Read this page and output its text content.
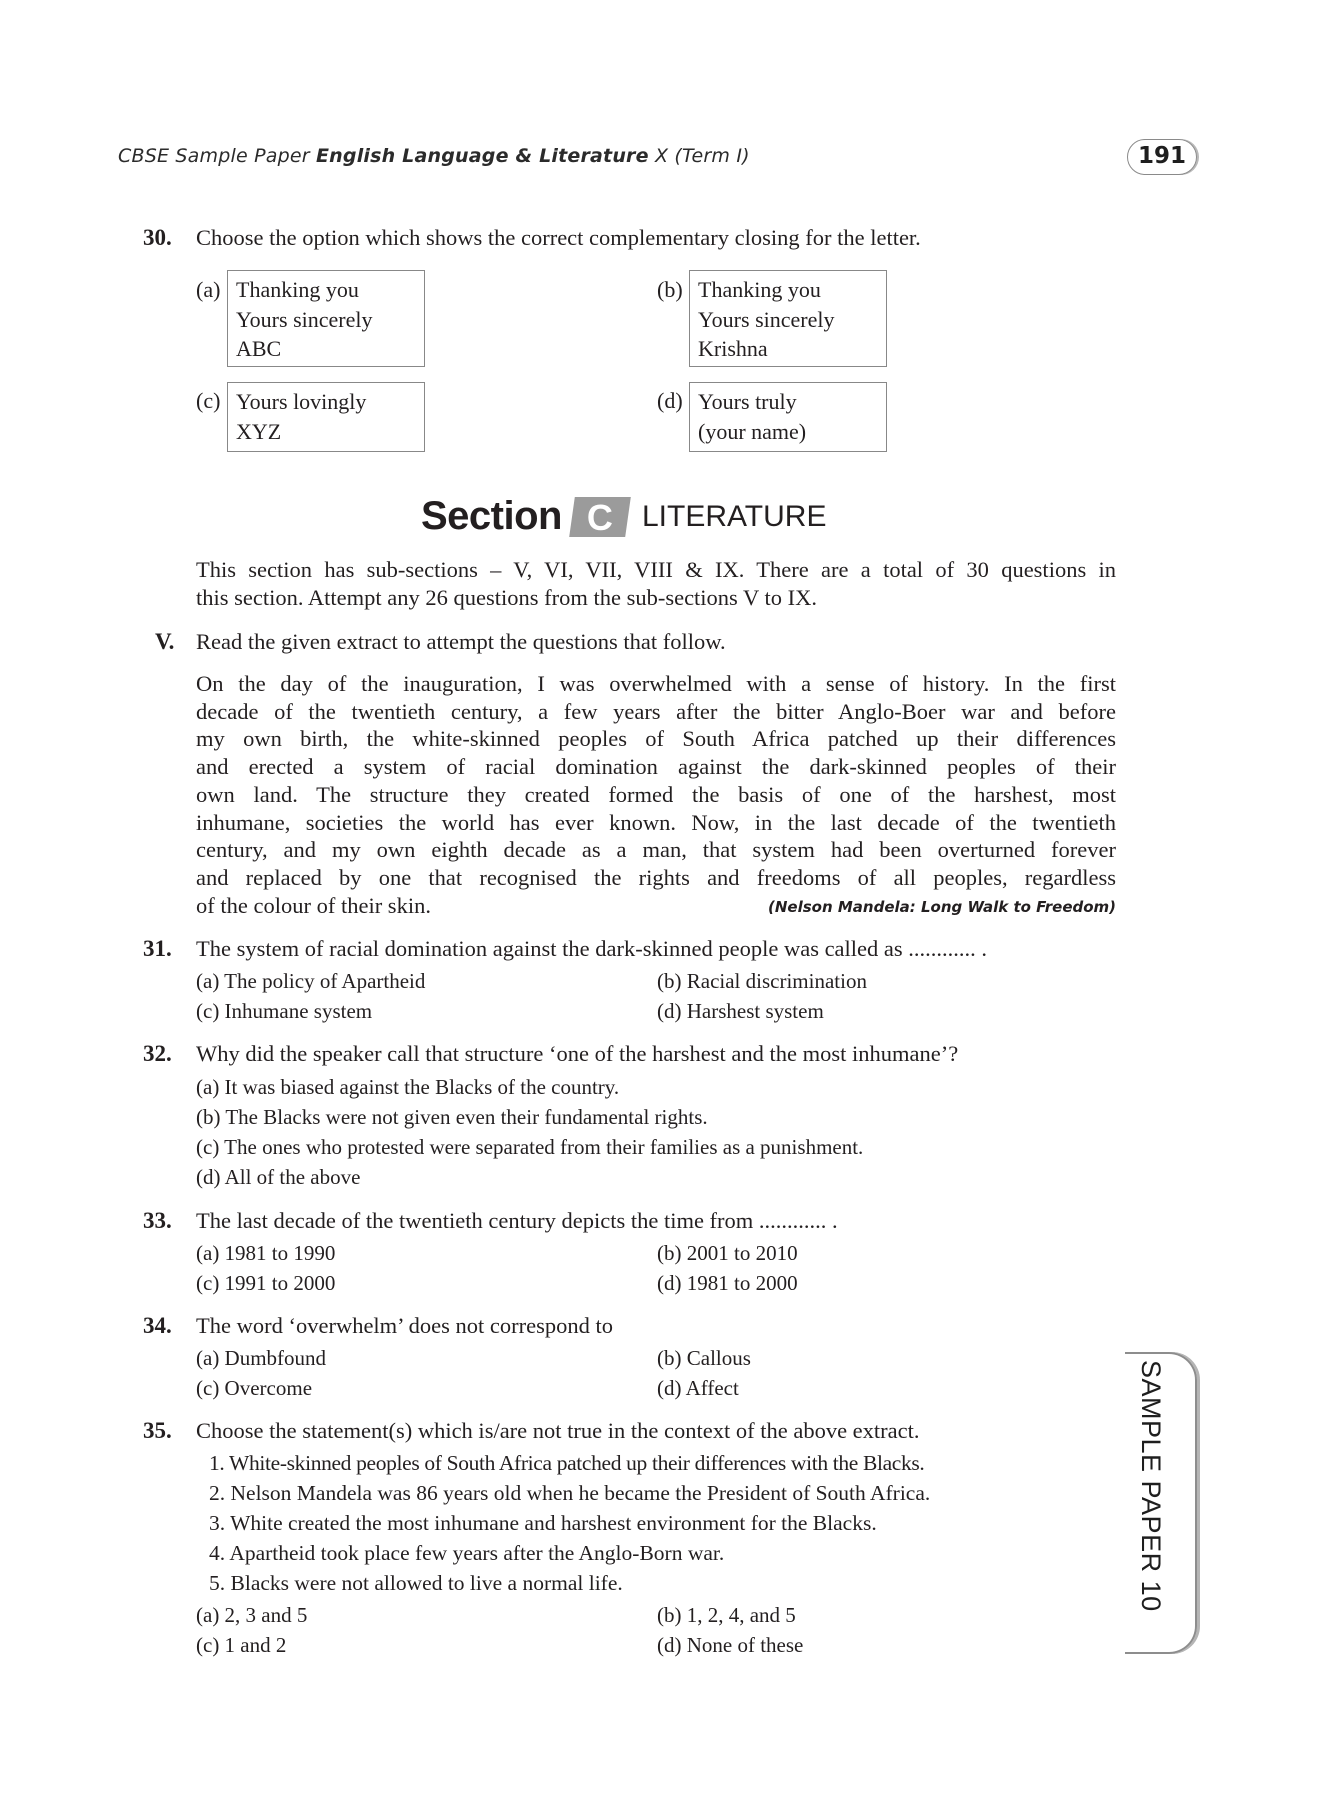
CBSE Sample Paper English Language & Literature X (Term I)	191
30. Choose the option which shows the correct complementary closing for the letter.
(a) Thanking you
Yours sincerely
ABC
(b) Thanking you
Yours sincerely
Krishna
(c) Yours lovingly
XYZ
(d) Yours truly
(your name)
Section C LITERATURE
This section has sub-sections – V, VI, VII, VIII & IX. There are a total of 30 questions in
this section. Attempt any 26 questions from the sub-sections V to IX.
V. Read the given extract to attempt the questions that follow.
On the day of the inauguration, I was overwhelmed with a sense of history. In the first
decade of the twentieth century, a few years after the bitter Anglo-Boer war and before
my own birth, the white-skinned peoples of South Africa patched up their differences
and erected a system of racial domination against the dark-skinned peoples of their
own land. The structure they created formed the basis of one of the harshest, most
inhumane, societies the world has ever known. Now, in the last decade of the twentieth
century, and my own eighth decade as a man, that system had been overturned forever
and replaced by one that recognised the rights and freedoms of all peoples, regardless
of the colour of their skin.	(Nelson Mandela: Long Walk to Freedom)
31. The system of racial domination against the dark-skinned people was called as ............ .
(a) The policy of Apartheid	(b) Racial discrimination
(c) Inhumane system	(d) Harshest system
32. Why did the speaker call that structure ‘one of the harshest and the most inhumane’?
(a) It was biased against the Blacks of the country.
(b) The Blacks were not given even their fundamental rights.
(c) The ones who protested were separated from their families as a punishment.
(d) All of the above
33. The last decade of the twentieth century depicts the time from ............ .
(a) 1981 to 1990	(b) 2001 to 2010
(c) 1991 to 2000	(d) 1981 to 2000
34. The word ‘overwhelm’ does not correspond to
(a) Dumbfound	(b) Callous
(c) Overcome	(d) Affect
35. Choose the statement(s) which is/are not true in the context of the above extract.
1. White-skinned peoples of South Africa patched up their differences with the Blacks.
2. Nelson Mandela was 86 years old when he became the President of South Africa.
3. White created the most inhumane and harshest environment for the Blacks.
4. Apartheid took place few years after the Anglo-Born war.
5. Blacks were not allowed to live a normal life.
(a) 2, 3 and 5	(b) 1, 2, 4, and 5
(c) 1 and 2	(d) None of these
SAMPLE PAPER 10
